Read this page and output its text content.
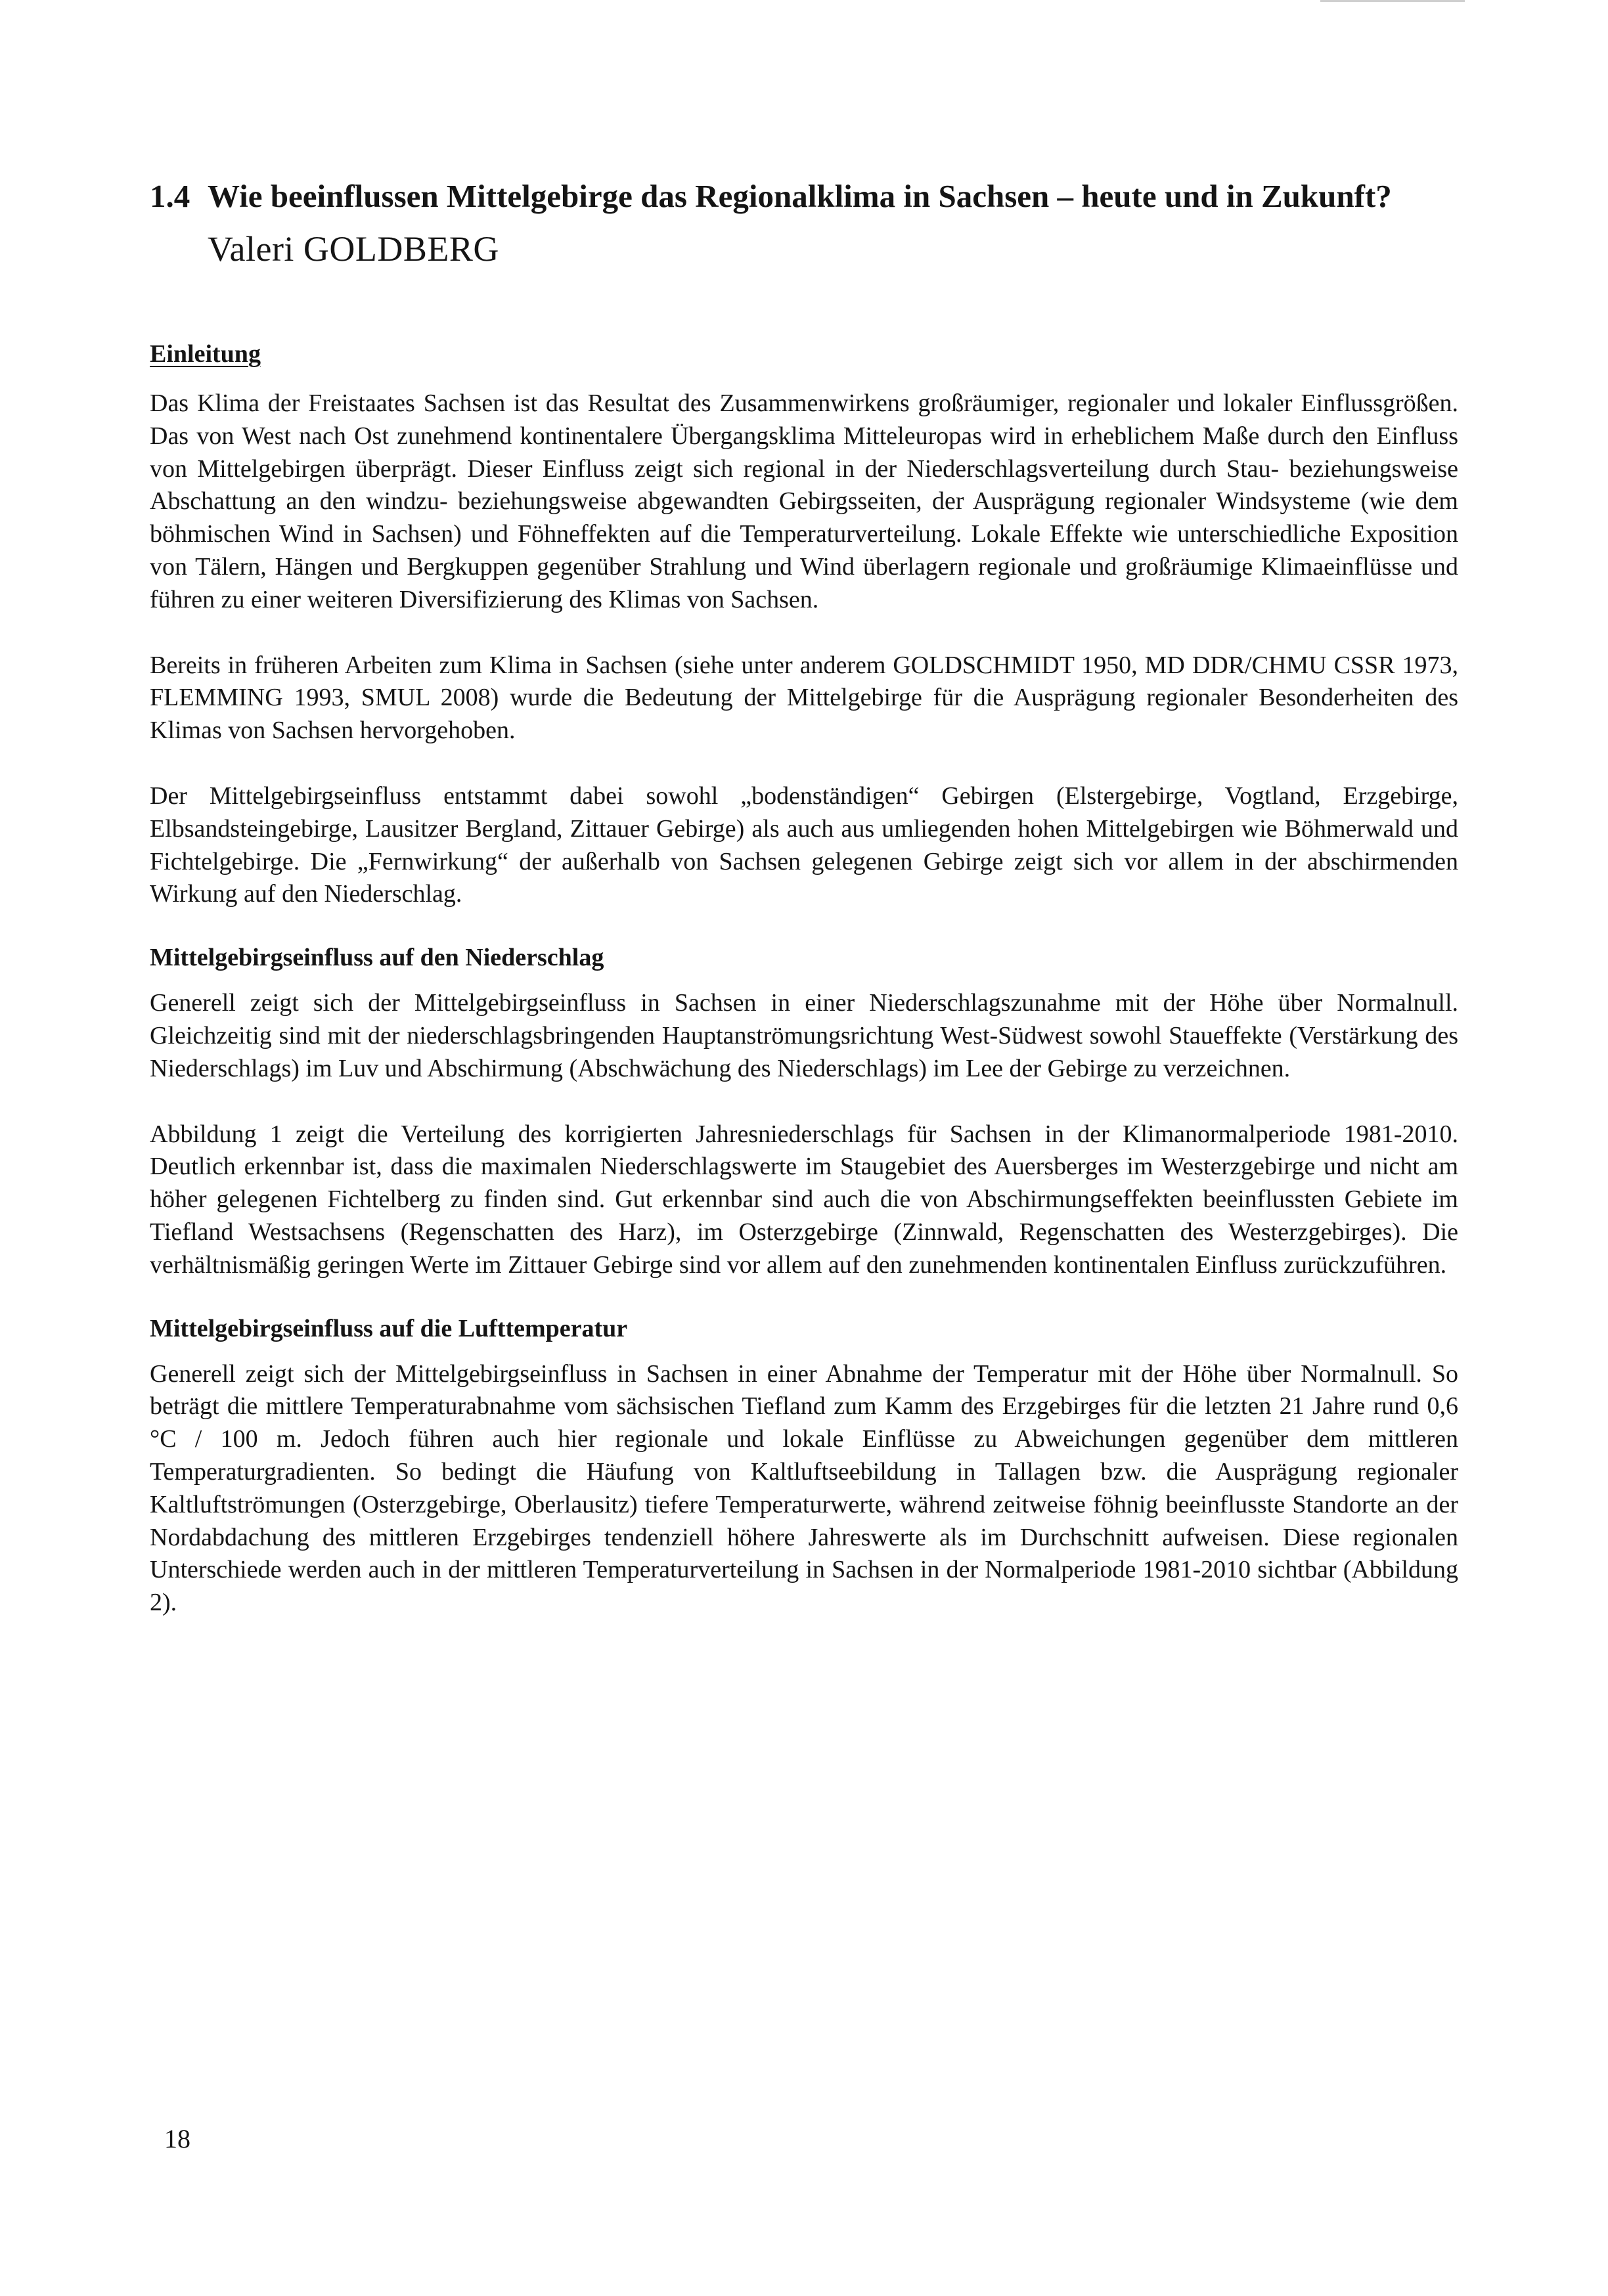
1.4 Wie beeinflussen Mittelgebirge das Regionalklima in Sachsen – heute und in Zukunft?
Valeri GOLDBERG
Einleitung

Das Klima der Freistaates Sachsen ist das Resultat des Zusammenwirkens großräumiger, regionaler und lokaler Einflussgrößen. Das von West nach Ost zunehmend kontinentalere Übergangsklima Mitteleuropas wird in erheblichem Maße durch den Einfluss von Mittelgebirgen überprägt. Dieser Einfluss zeigt sich regional in der Niederschlagsverteilung durch Stau- beziehungsweise Abschattung an den windzu- beziehungsweise abgewandten Gebirgsseiten, der Ausprägung regionaler Windsysteme (wie dem böhmischen Wind in Sachsen) und Föhneffekten auf die Temperaturverteilung. Lokale Effekte wie unterschiedliche Exposition von Tälern, Hängen und Bergkuppen gegenüber Strahlung und Wind überlagern regionale und großräumige Klimaeinflüsse und führen zu einer weiteren Diversifizierung des Klimas von Sachsen.

Bereits in früheren Arbeiten zum Klima in Sachsen (siehe unter anderem GOLDSCHMIDT 1950, MD DDR/CHMU CSSR 1973, FLEMMING 1993, SMUL 2008) wurde die Bedeutung der Mittelgebirge für die Ausprägung regionaler Besonderheiten des Klimas von Sachsen hervorgehoben.

Der Mittelgebirgseinfluss entstammt dabei sowohl „bodenständigen“ Gebirgen (Elstergebirge, Vogtland, Erzgebirge, Elbsandsteingebirge, Lausitzer Bergland, Zittauer Gebirge) als auch aus umliegenden hohen Mittelgebirgen wie Böhmerwald und Fichtelgebirge. Die „Fernwirkung“ der außerhalb von Sachsen gelegenen Gebirge zeigt sich vor allem in der abschirmenden Wirkung auf den Niederschlag.

Mittelgebirgseinfluss auf den Niederschlag

Generell zeigt sich der Mittelgebirgseinfluss in Sachsen in einer Niederschlagszunahme mit der Höhe über Normalnull. Gleichzeitig sind mit der niederschlagsbringenden Hauptanströmungsrichtung West-Südwest sowohl Staueffekte (Verstärkung des Niederschlags) im Luv und Abschirmung (Abschwächung des Niederschlags) im Lee der Gebirge zu verzeichnen.

Abbildung 1 zeigt die Verteilung des korrigierten Jahresniederschlags für Sachsen in der Klimanormalperiode 1981-2010. Deutlich erkennbar ist, dass die maximalen Niederschlagswerte im Staugebiet des Auersberges im Westerzgebirge und nicht am höher gelegenen Fichtelberg zu finden sind. Gut erkennbar sind auch die von Abschirmungseffekten beeinflussten Gebiete im Tiefland Westsachsens (Regenschatten des Harz), im Osterzgebirge (Zinnwald, Regenschatten des Westerzgebirges). Die verhältnismäßig geringen Werte im Zittauer Gebirge sind vor allem auf den zunehmenden kontinentalen Einfluss zurückzuführen.

Mittelgebirgseinfluss auf die Lufttemperatur

Generell zeigt sich der Mittelgebirgseinfluss in Sachsen in einer Abnahme der Temperatur mit der Höhe über Normalnull. So beträgt die mittlere Temperaturabnahme vom sächsischen Tiefland zum Kamm des Erzgebirges für die letzten 21 Jahre rund 0,6 °C / 100 m. Jedoch führen auch hier regionale und lokale Einflüsse zu Abweichungen gegenüber dem mittleren Temperaturgradienten. So bedingt die Häufung von Kaltluftseebildung in Tallagen bzw. die Ausprägung regionaler Kaltluftströmungen (Osterzgebirge, Oberlausitz) tiefere Temperaturwerte, während zeitweise föhnig beeinflusste Standorte an der Nordabdachung des mittleren Erzgebirges tendenziell höhere Jahreswerte als im Durchschnitt aufweisen. Diese regionalen Unterschiede werden auch in der mittleren Temperaturverteilung in Sachsen in der Normalperiode 1981-2010 sichtbar (Abbildung 2).

18
